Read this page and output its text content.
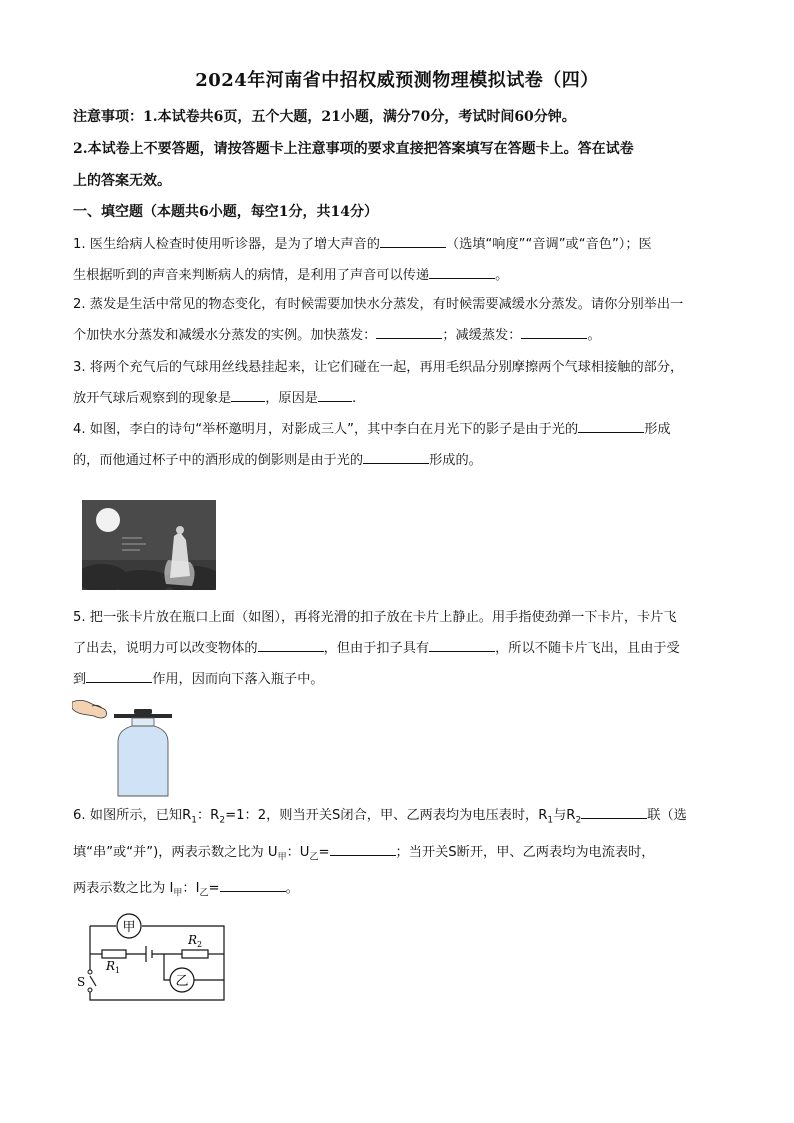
2024年河南省中招权威预测物理模拟试卷（四）
注意事项：1.本试卷共6页，五个大题，21小题，满分70分，考试时间60分钟。
2.本试卷上不要答题，请按答题卡上注意事项的要求直接把答案填写在答题卡上。答在试卷
上的答案无效。
一、填空题（本题共6小题，每空1分，共14分）
1. 医生给病人检查时使用听诊器，是为了增大声音的	（选填“响度”“音调”或“音色”）；医
生根据听到的声音来判断病人的病情，是利用了声音可以传递	。
2. 蒸发是生活中常见的物态变化，有时候需要加快水分蒸发，有时候需要减缓水分蒸发。请你分别举出一
个加快水分蒸发和减缓水分蒸发的实例。加快蒸发：	；减缓蒸发：	。
3. 将两个充气后的气球用丝线悬挂起来，让它们碰在一起，再用毛织品分别摩擦两个气球相接触的部分，
放开气球后观察到的现象是	，原因是	.
4. 如图，李白的诗句“举杯邀明月，对影成三人”，其中李白在月光下的影子是由于光的	形成
的，而他通过杯子中的酒形成的倒影则是由于光的	形成的。
5. 把一张卡片放在瓶口上面（如图），再将光滑的扣子放在卡片上静止。用手指使劲弹一下卡片，卡片飞
了出去，说明力可以改变物体的	，但由于扣子具有	，所以不随卡片飞出，且由于受
到	作用，因而向下落入瓶子中。
6. 如图所示，已知$R_1$：$R_2=1$：2，则当开关S闭合，甲、乙两表均为电压表时，$R_1$与$R_2$	联（选
填“串”或“并”)，两表示数之比为 $U_甲$：$U_乙=$	；当开关S断开，甲、乙两表均为电流表时，
两表示数之比为 $I_甲$：$I_乙=$	。
甲
乙
R 1
R 2
S
